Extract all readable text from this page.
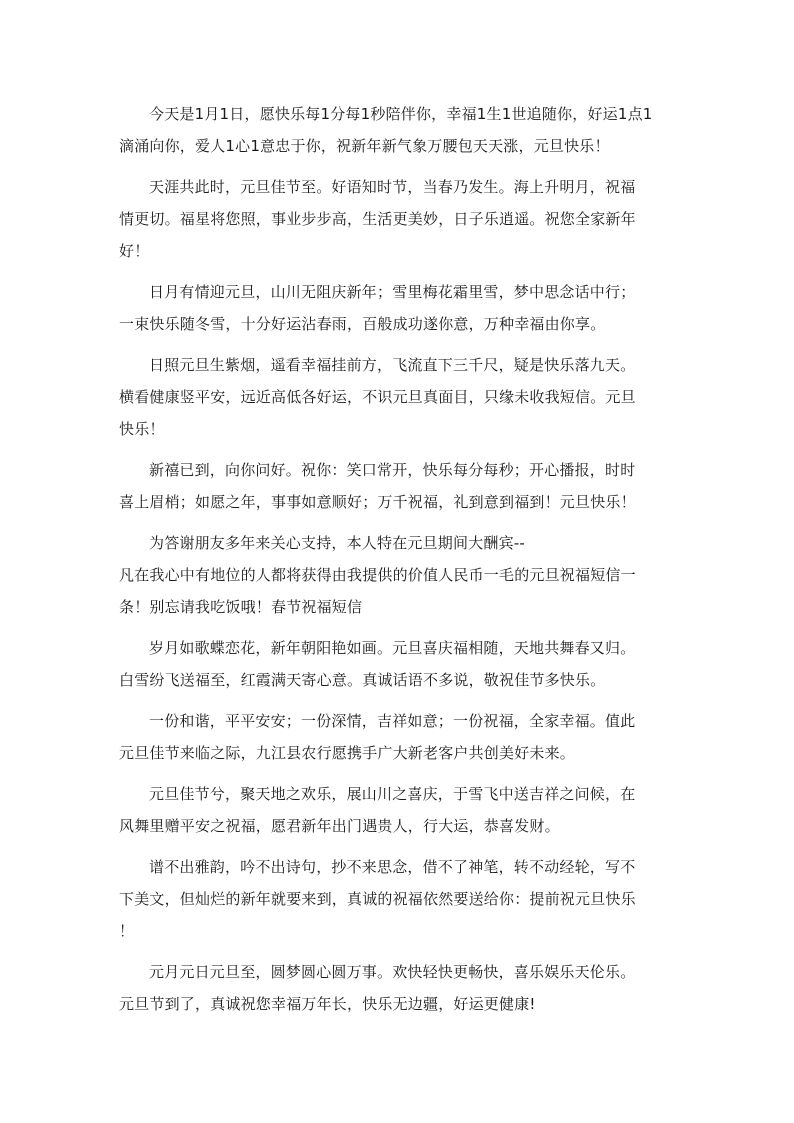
今天是1月1日，愿快乐每1分每1秒陪伴你，幸福1生1世追随你，好运1点1
滴涌向你，爱人1心1意忠于你，祝新年新气象万腰包天天涨，元旦快乐！

天涯共此时，元旦佳节至。好语知时节，当春乃发生。海上升明月，祝福
情更切。福星将您照，事业步步高，生活更美妙，日子乐逍遥。祝您全家新年
好！

日月有情迎元旦，山川无阻庆新年；雪里梅花霜里雪，梦中思念话中行；
一束快乐随冬雪，十分好运沾春雨，百般成功遂你意，万种幸福由你享。

日照元旦生紫烟，遥看幸福挂前方，飞流直下三千尺，疑是快乐落九天。
横看健康竖平安，远近高低各好运，不识元旦真面目，只缘未收我短信。元旦
快乐！

新禧已到，向你问好。祝你：笑口常开，快乐每分每秒；开心播报，时时
喜上眉梢；如愿之年，事事如意顺好；万千祝福，礼到意到福到！元旦快乐！

为答谢朋友多年来关心支持，本人特在元旦期间大酬宾--
凡在我心中有地位的人都将获得由我提供的价值人民币一毛的元旦祝福短信一
条！别忘请我吃饭哦！春节祝福短信

岁月如歌蝶恋花，新年朝阳艳如画。元旦喜庆福相随，天地共舞春又归。
白雪纷飞送福至，红霞满天寄心意。真诚话语不多说，敬祝佳节多快乐。

一份和谐，平平安安；一份深情，吉祥如意；一份祝福，全家幸福。值此
元旦佳节来临之际，九江县农行愿携手广大新老客户共创美好未来。

元旦佳节兮，聚天地之欢乐，展山川之喜庆，于雪飞中送吉祥之问候，在
风舞里赠平安之祝福，愿君新年出门遇贵人，行大运，恭喜发财。

谱不出雅韵，吟不出诗句，抄不来思念，借不了神笔，转不动经轮，写不
下美文，但灿烂的新年就要来到，真诚的祝福依然要送给你：提前祝元旦快乐
！

元月元日元旦至，圆梦圆心圆万事。欢快轻快更畅快，喜乐娱乐天伦乐。
元旦节到了，真诚祝您幸福万年长，快乐无边疆，好运更健康!
